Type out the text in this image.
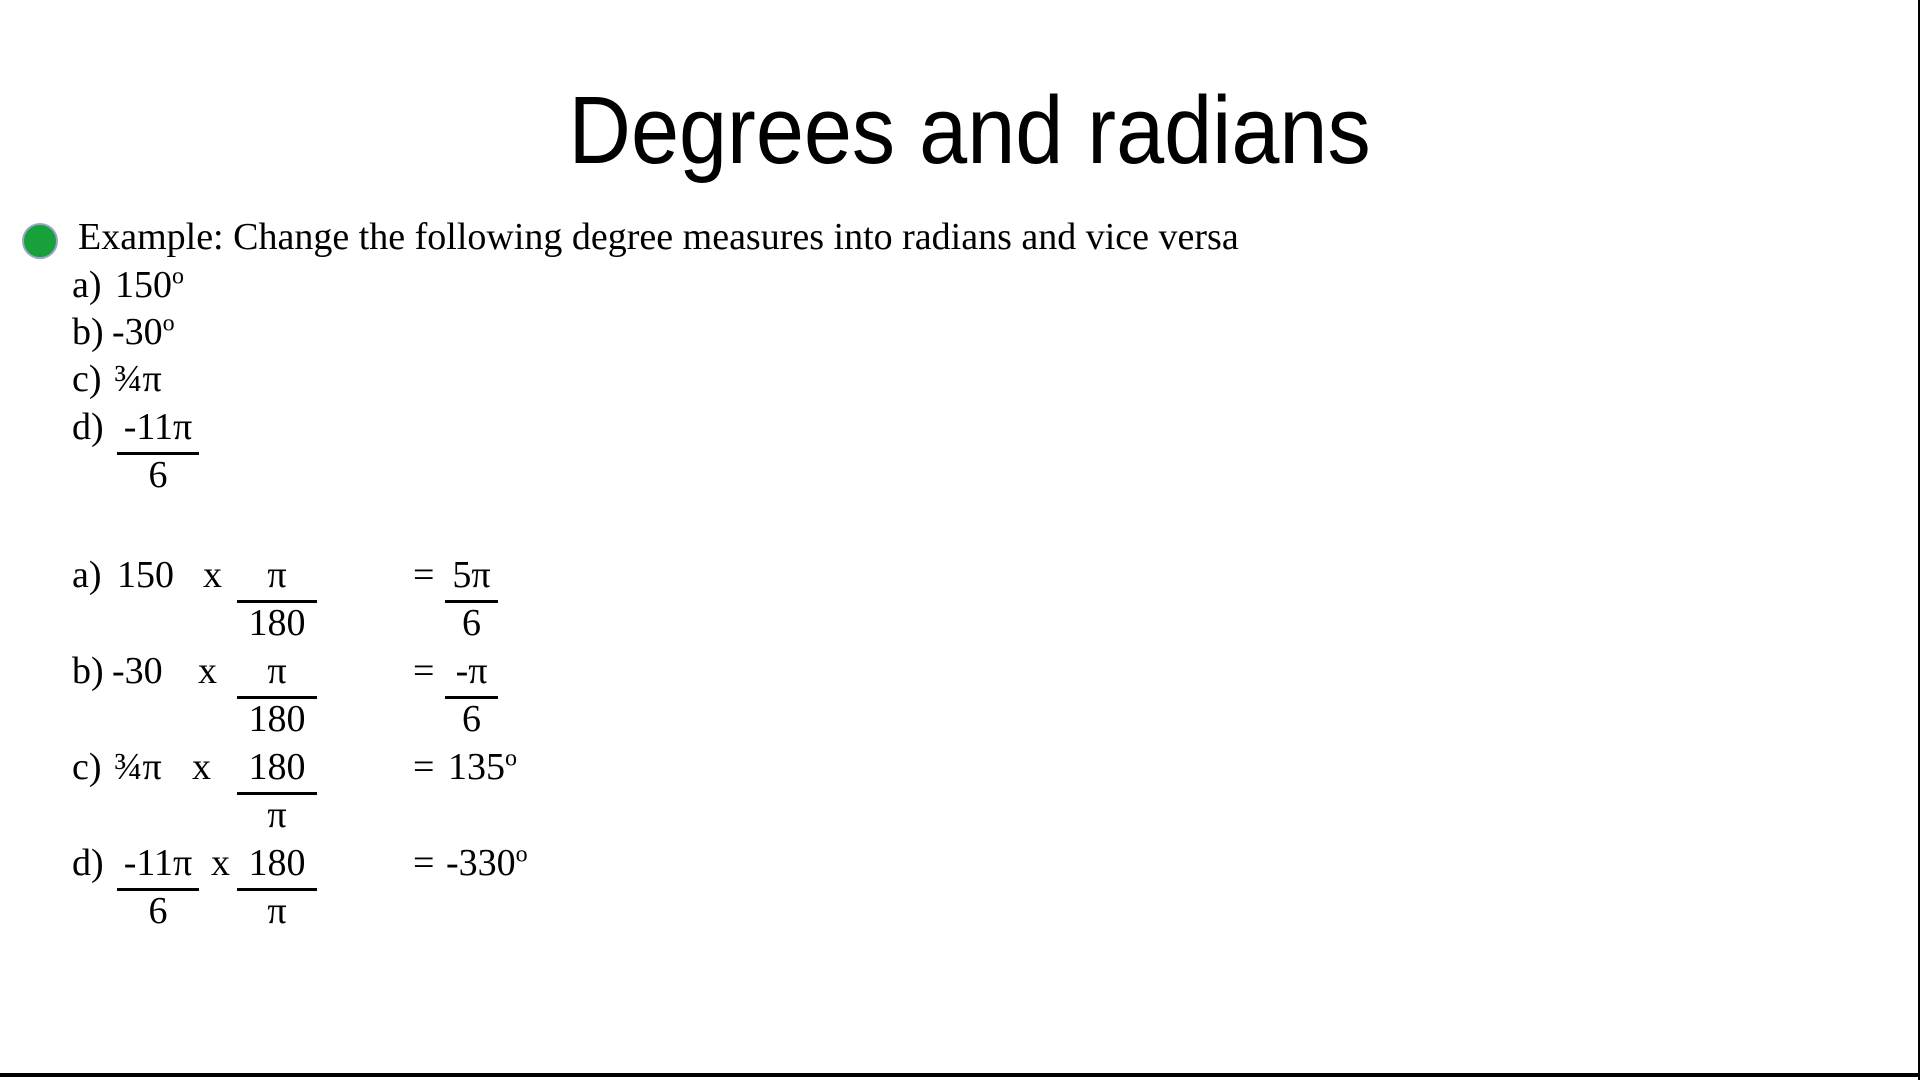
Degrees and radians
Example: Change the following degree measures into radians and vice versa
a) 150$^o$
b) -30$^o$
c) ¾π
$d) \frac{-11\pi}{6}$
a) 150 x $\frac{\pi}{180}$	= $\frac{5\pi}{6}$
b) -30 x $\frac{\pi}{180}$	= $\frac{-\pi}{6}$
c) ¾π x $\frac{180}{\pi}$	= $135^o$
$d) \frac{-11\pi}{6}$ x $\frac{180}{\pi}$	= $-330^o$
